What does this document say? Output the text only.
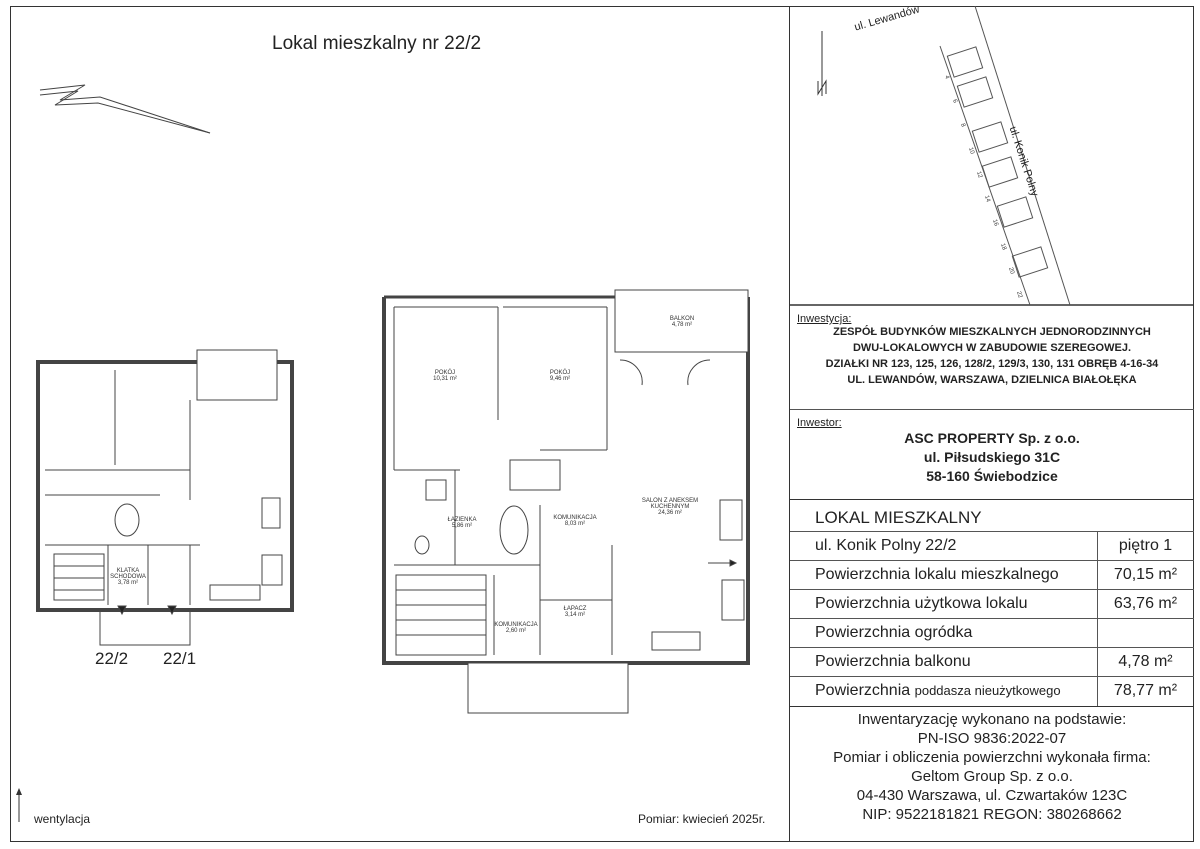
Lokal mieszkalny nr 22/2
KLATKA SCHODOWA
3,78 m²
22/2 22/1
POKÓJ
10,31 m²
POKÓJ
9,46 m²
BALKON
4,78 m²
ŁAZIENKA
5,86 m²
KOMUNIKACJA
8,03 m²
SALON Z ANEKSEM KUCHENNYM
24,36 m²
ŁAPACZ
3,14 m²
KOMUNIKACJA
2,60 m²
wentylacja	Pomiar: kwiecień 2025r.
4
6
8
10
12
14
16
18
20
22
ul. Lewandów
ul. Konik Polny
Inwestycja:
ZESPÓŁ BUDYNKÓW MIESZKALNYCH JEDNORODZINNYCH
DWU-LOKALOWYCH W ZABUDOWIE SZEREGOWEJ.
DZIAŁKI NR 123, 125, 126, 128/2, 129/3, 130, 131 OBRĘB 4-16-34
UL. LEWANDÓW, WARSZAWA, DZIELNICA BIAŁOŁĘKA
Inwestor:
ASC PROPERTY Sp. z o.o.
ul. Piłsudskiego 31C
58-160 Świebodzice
LOKAL MIESZKALNY
ul. Konik Polny 22/2	piętro 1
Powierzchnia lokalu mieszkalnego	70,15 m²
Powierzchnia użytkowa lokalu	63,76 m²
Powierzchnia ogródka
Powierzchnia balkonu	4,78 m²
Powierzchnia poddasza nieużytkowego	78,77 m²
Inwentaryzację wykonano na podstawie:
PN-ISO 9836:2022-07
Pomiar i obliczenia powierzchni wykonała firma:
Geltom Group Sp. z o.o.
04-430 Warszawa, ul. Czwartaków 123C
NIP: 9522181821 REGON: 380268662
